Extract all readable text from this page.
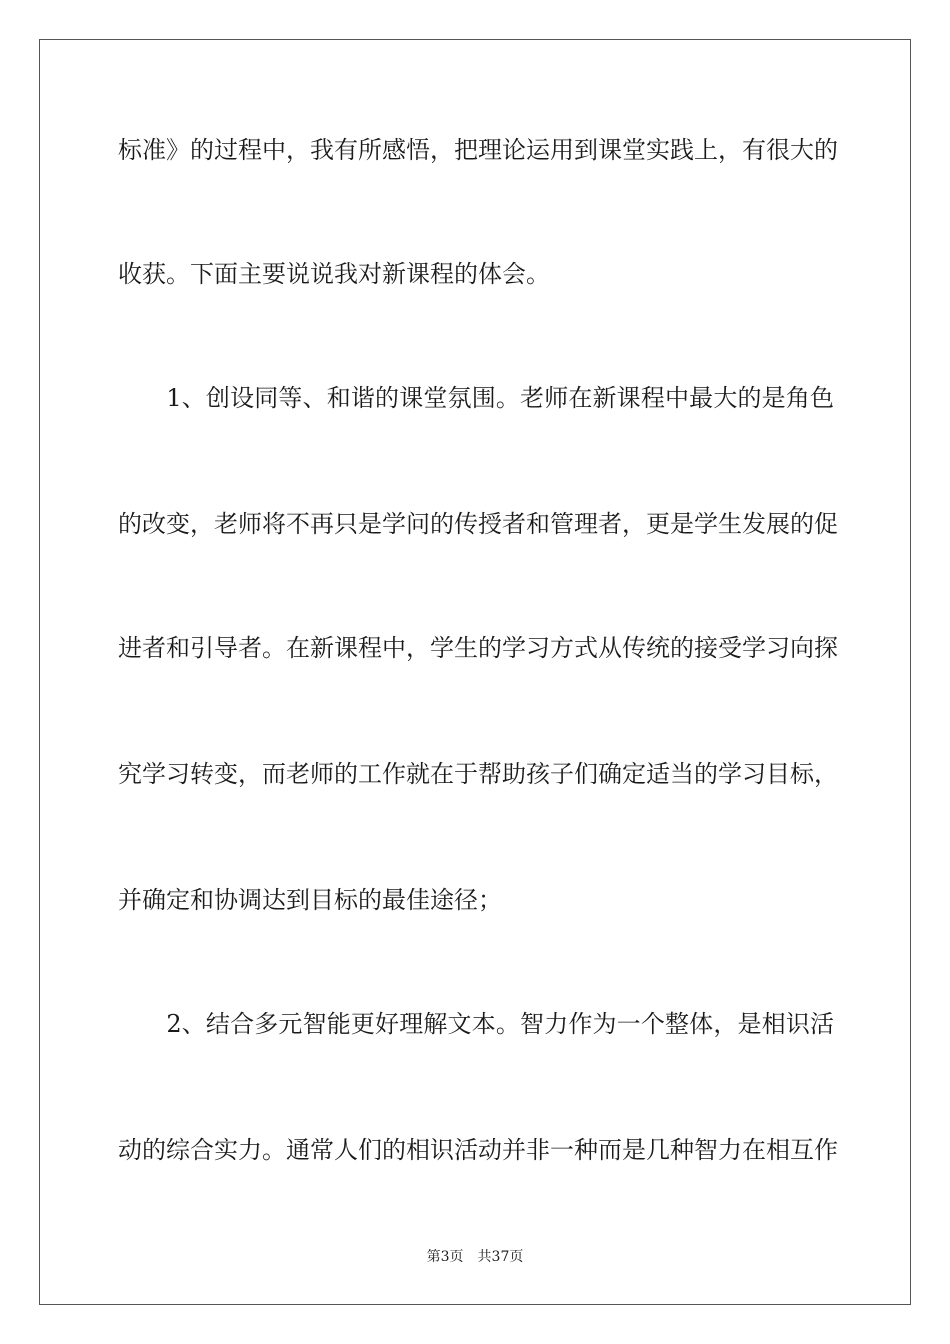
标准》的过程中，我有所感悟，把理论运用到课堂实践上，有很大的
收获。下面主要说说我对新课程的体会。
　　1、创设同等、和谐的课堂氛围。老师在新课程中最大的是角色
的改变，老师将不再只是学问的传授者和管理者，更是学生发展的促
进者和引导者。在新课程中，学生的学习方式从传统的接受学习向探
究学习转变，而老师的工作就在于帮助孩子们确定适当的学习目标，
并确定和协调达到目标的最佳途径；
　　2、结合多元智能更好理解文本。智力作为一个整体，是相识活
动的综合实力。通常人们的相识活动并非一种而是几种智力在相互作
第3页　共37页
